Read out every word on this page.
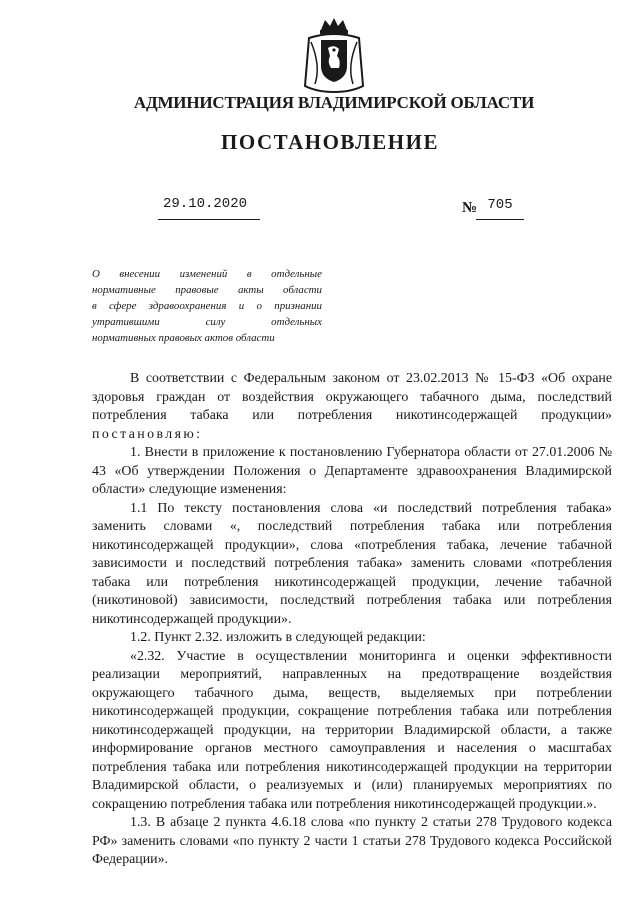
АДМИНИСТРАЦИЯ ВЛАДИМИРСКОЙ ОБЛАСТИ
ПОСТАНОВЛЕНИЕ
29.10.2020	№ 705
О внесении изменений в отдельные
нормативные правовые акты области
в сфере здравоохранения и о признании
утратившими силу отдельных
нормативных правовых актов области

В соответствии с Федеральным законом от 23.02.2013 № 15-ФЗ «Об охране здоровья граждан от воздействия окружающего табачного дыма, последствий потребления табака или потребления никотинсодержащей продукции» постановляю:

1. Внести в приложение к постановлению Губернатора области от 27.01.2006 № 43 «Об утверждении Положения о Департаменте здравоохранения Владимирской области» следующие изменения:

1.1 По тексту постановления слова «и последствий потребления табака» заменить словами «, последствий потребления табака или потребления никотинсодержащей продукции», слова «потребления табака, лечение табачной зависимости и последствий потребления табака» заменить словами «потребления табака или потребления никотинсодержащей продукции, лечение табачной (никотиновой) зависимости, последствий потребления табака или потребления никотинсодержащей продукции».

1.2. Пункт 2.32. изложить в следующей редакции:

«2.32. Участие в осуществлении мониторинга и оценки эффективности реализации мероприятий, направленных на предотвращение воздействия окружающего табачного дыма, веществ, выделяемых при потреблении никотинсодержащей продукции, сокращение потребления табака или потребления никотинсодержащей продукции, на территории Владимирской области, а также информирование органов местного самоуправления и населения о масштабах потребления табака или потребления никотинсодержащей продукции на территории Владимирской области, о реализуемых и (или) планируемых мероприятиях по сокращению потребления табака или потребления никотинсодержащей продукции.».

1.3. В абзаце 2 пункта 4.6.18 слова «по пункту 2 статьи 278 Трудового кодекса РФ» заменить словами «по пункту 2 части 1 статьи 278 Трудового кодекса Российской Федерации».
